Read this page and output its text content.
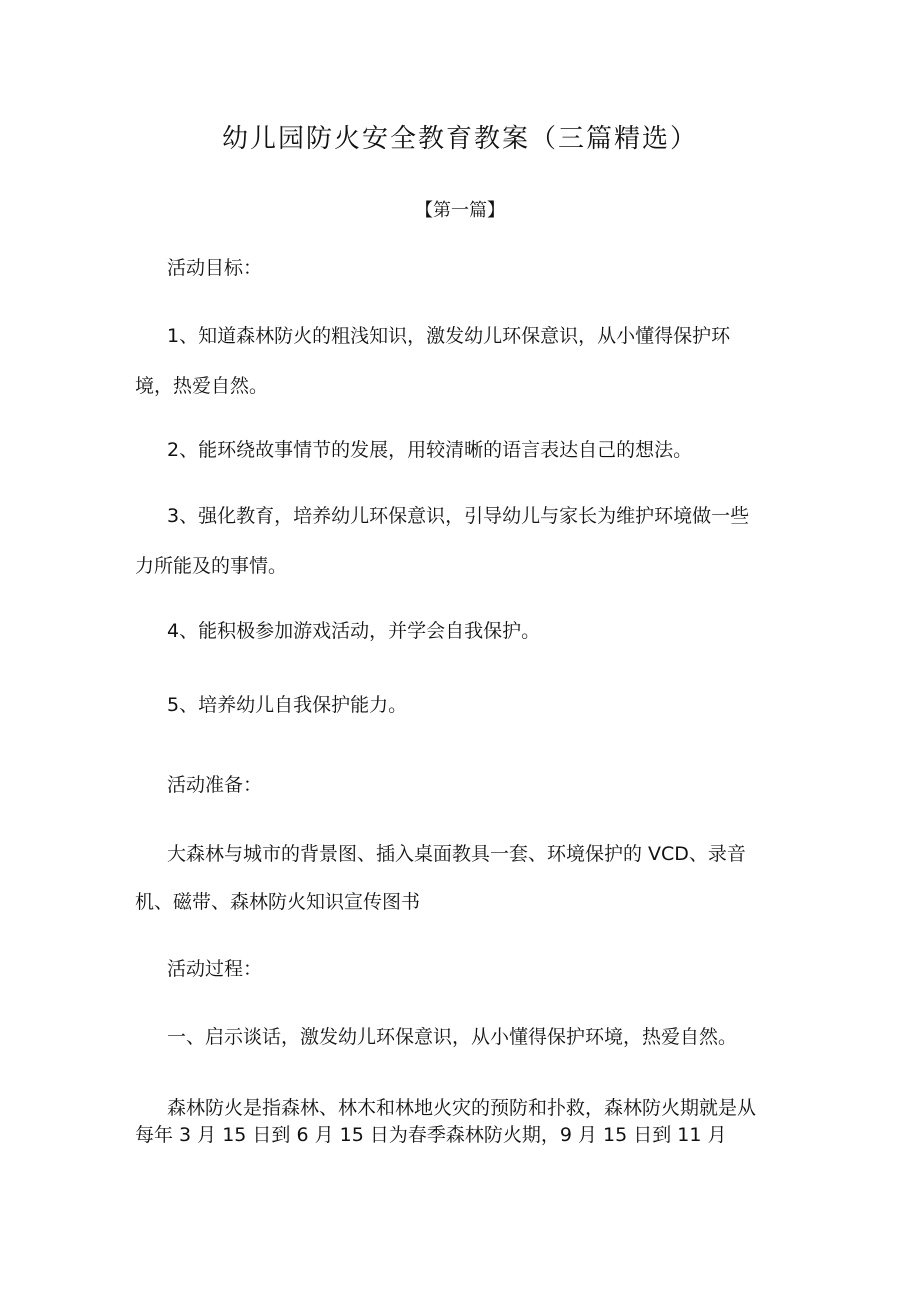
幼儿园防火安全教育教案（三篇精选）
【第一篇】
活动目标：
1、知道森林防火的粗浅知识，激发幼儿环保意识，从小懂得保护环
境，热爱自然。
2、能环绕故事情节的发展，用较清晰的语言表达自己的想法。
3、强化教育，培养幼儿环保意识，引导幼儿与家长为维护环境做一些
力所能及的事情。
4、能积极参加游戏活动，并学会自我保护。
5、培养幼儿自我保护能力。
活动准备：
大森林与城市的背景图、插入桌面教具一套、环境保护的 VCD、录音
机、磁带、森林防火知识宣传图书
活动过程：
一、启示谈话，激发幼儿环保意识，从小懂得保护环境，热爱自然。
森林防火是指森林、林木和林地火灾的预防和扑救，森林防火期就是从
每年 3 月 15 日到 6 月 15 日为春季森林防火期，9 月 15 日到 11 月
